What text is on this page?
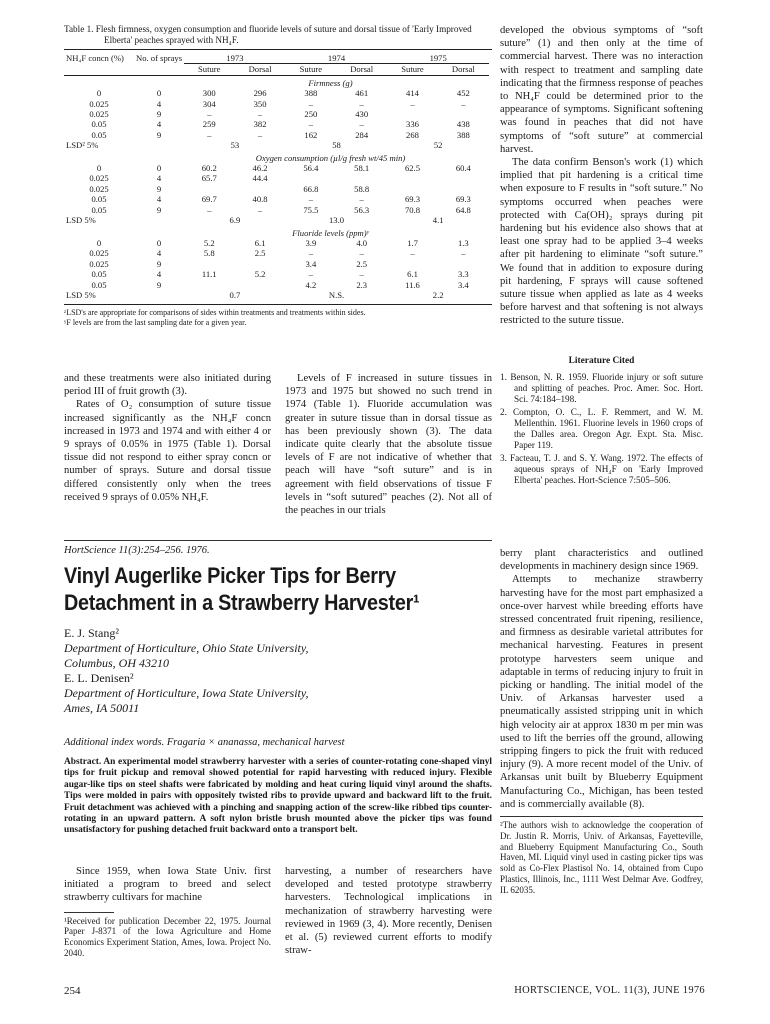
Table 1. Flesh firmness, oxygen consumption and fluoride levels of suture and dorsal tissue of 'Early Improved Elberta' peaches sprayed with NH₄F.
NH₄F concn (%)	No. of sprays	1973		1974		1975	
		Suture	Dorsal	Suture	Dorsal	Suture	Dorsal
Firmness (g)							
0	0	300	296	388	461	414	452
0.025	4	304	350	–	–	–	–
0.025	9	–	–	250	430		
0.05	4	259	382	–	–	336	438
0.05	9	–	–	162	284	268	388
LSD² 5%		53		58		52	
Oxygen consumption (µl/g fresh wt/45 min)							
0	0	60.2	46.2	56.4	58.1	62.5	60.4
0.025	4	65.7	44.4				
0.025	9			66.8	58.8		
0.05	4	69.7	40.8	–	–	69.3	69.3
0.05	9	–	–	75.5	56.3	70.8	64.8
LSD 5%		6.9		13.0		4.1	
Fluoride levels (ppm)ʸ							
0	0	5.2	6.1	3.9	4.0	1.7	1.3
0.025	4	5.8	2.5	–	–	–	–
0.025	9			3.4	2.5		
0.05	4	11.1	5.2	–	–	6.1	3.3
0.05	9			4.2	2.3	11.6	3.4
LSD 5%		0.7		N.S.		2.2	
ᶻLSD's are appropriate for comparisons of sides within treatments and treatments within sides.
ʸF levels are from the last sampling date for a given year.

developed the obvious symptoms of “soft suture” (1) and then only at the time of commercial harvest. There was no interaction with respect to treatment and sampling date indicating that the firmness response of peaches to NH₄F could be determined prior to the appearance of symptoms. Significant softening was found in peaches that did not have symptoms of “soft suture” at commercial harvest.

The data confirm Benson's work (1) which implied that pit hardening is a critical time when exposure to F results in “soft suture.” No symptoms occurred when peaches were protected with Ca(OH)₂ sprays during pit hardening but his evidence also shows that at least one spray had to be applied 3–4 weeks after pit hardening to eliminate “soft suture.” We found that in addition to exposure during pit hardening, F sprays will cause softened suture tissue when applied as late as 4 weeks before harvest and that softening is not always restricted to the suture tissue.

Literature Cited

1. Benson, N. R. 1959. Fluoride injury or soft suture and splitting of peaches. Proc. Amer. Soc. Hort. Sci. 74:184–198.

2. Compton, O. C., L. F. Remmert, and W. M. Mellenthin. 1961. Fluorine levels in 1960 crops of the Dalles area. Oregon Agr. Expt. Sta. Misc. Paper 119.

3. Facteau, T. J. and S. Y. Wang. 1972. The effects of aqueous sprays of NH₄F on 'Early Improved Elberta' peaches. Hort-Science 7:505–506.

and these treatments were also initiated during period III of fruit growth (3).

Rates of O₂ consumption of suture tissue increased significantly as the NH₄F concn increased in 1973 and 1974 and with either 4 or 9 sprays of 0.05% in 1975 (Table 1). Dorsal tissue did not respond to either spray concn or number of sprays. Suture and dorsal tissue differed consistently only when the trees received 9 sprays of 0.05% NH₄F.

Levels of F increased in suture tissues in 1973 and 1975 but showed no such trend in 1974 (Table 1). Fluoride accumulation was greater in suture tissue than in dorsal tissue as has been previously shown (3). The data indicate quite clearly that the absolute tissue levels of F are not indicative of whether that peach will have “soft suture” and is in agreement with field observations of tissue F levels in “soft sutured” peaches (2). Not all of the peaches in our trials

HortScience 11(3):254–256. 1976.
Vinyl Augerlike Picker Tips for Berry Detachment in a Strawberry Harvester¹
E. J. Stang²
Department of Horticulture, Ohio State University,
Columbus, OH 43210
E. L. Denisen²
Department of Horticulture, Iowa State University,
Ames, IA 50011
Additional index words. Fragaria × ananassa, mechanical harvest

Abstract. An experimental model strawberry harvester with a series of counter-rotating cone-shaped vinyl tips for fruit pickup and removal showed potential for rapid harvesting with reduced injury. Flexible augar-like tips on steel shafts were fabricated by molding and heat curing liquid vinyl around the shafts. Tips were molded in pairs with oppositely twisted ribs to provide upward and backward lift to the fruit. Fruit detachment was achieved with a pinching and snapping action of the screw-like ribbed tips counter-rotating in an upward pattern. A soft nylon bristle brush mounted above the picker tips was found unsatisfactory for pushing detached fruit backward onto a transport belt.

Since 1959, when Iowa State Univ. first initiated a program to breed and select strawberry cultivars for machine

¹Received for publication December 22, 1975. Journal Paper J-8371 of the Iowa Agriculture and Home Economics Experiment Station, Ames, Iowa. Project No. 2040.

harvesting, a number of researchers have developed and tested prototype strawberry harvesters. Technological implications in mechanization of strawberry harvesting were reviewed in 1969 (3, 4). More recently, Denisen et al. (5) reviewed current efforts to modify straw-

berry plant characteristics and outlined developments in machinery design since 1969.

Attempts to mechanize strawberry harvesting have for the most part emphasized a once-over harvest while breeding efforts have stressed concentrated fruit ripening, resilience, and firmness as desirable varietal attributes for mechanical harvesting. Features in present prototype harvesters seem unique and adaptable in terms of reducing injury to fruit in picking or handling. The initial model of the Univ. of Arkansas harvester used a pneumatically assisted stripping unit in which high velocity air at approx 1830 m per min was used to lift the berries off the ground, allowing stripping fingers to pick the fruit with reduced injury (9). A more recent model of the Univ. of Arkansas unit built by Blueberry Equipment Manufacturing Co., Michigan, has been tested and is commercially available (8).

²The authors wish to acknowledge the cooperation of Dr. Justin R. Morris, Univ. of Arkansas, Fayetteville, and Blueberry Equipment Manufacturing Co., South Haven, MI. Liquid vinyl used in casting picker tips was sold as Co-Flex Plastisol No. 14, obtained from Cupo Plastics, Illinois, Inc., 1111 West Delmar Ave. Godfrey, IL 62035.

254	HORTSCIENCE, VOL. 11(3), JUNE 1976
